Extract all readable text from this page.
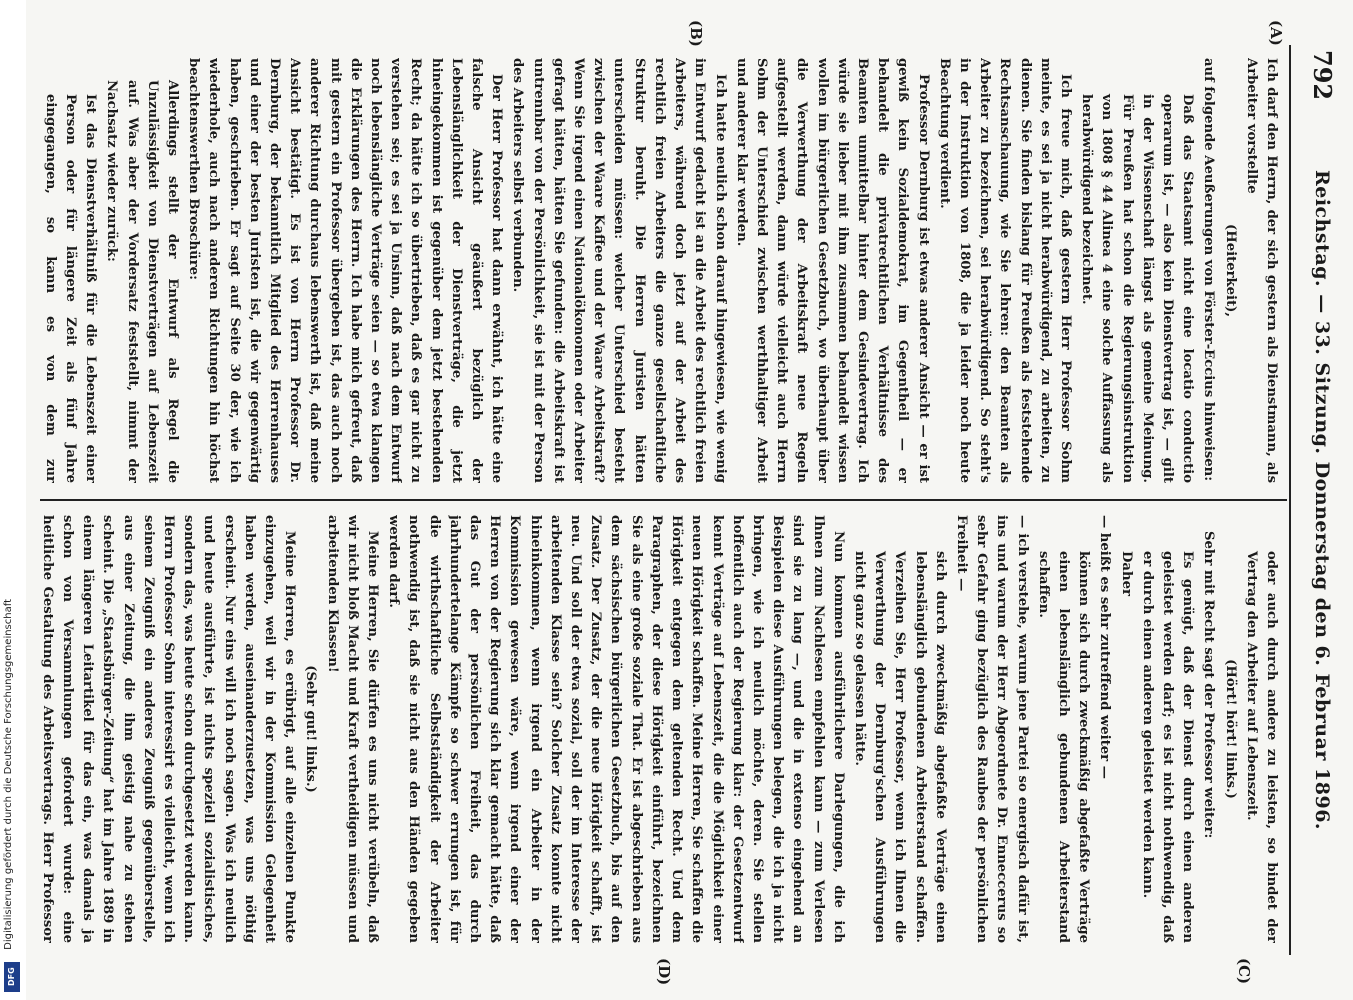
792
Reichstag. — 33. Sitzung. Donnerstag den 6. Februar 1896.
(A)
(B)
(C)
(D)

Ich darf den Herrn, der sich gestern als Dienstmann, als Arbeiter vorstellte

(Heiterkeit),

auf folgende Aeußerungen von Förster-Eccius hinweisen:

Daß das Staatsamt nicht eine locatio conductio operarum ist, — also kein Dienstvertrag ist, — gilt in der Wissenschaft längst als gemeine Meinung. Für Preußen hat schon die Regierungsinstruktion von 1808 § 44 Alinea 4 eine solche Auffassung als herabwürdigend bezeichnet.

Ich freue mich, daß gestern Herr Professor Sohm meinte, es sei ja nicht herabwürdigend, zu arbeiten, zu dienen. Sie finden bislang für Preußen als feststehende Rechtsanschauung, wie Sie lehren: den Beamten als Arbeiter zu bezeichnen, sei herabwürdigend. So steht's in der Instruktion von 1808, die ja leider noch heute Beachtung verdient.

Professor Dernburg ist etwas anderer Ansicht — er ist gewiß kein Sozialdemokrat, im Gegentheil — er behandelt die privatrechtlichen Verhältnisse des Beamten unmittelbar hinter dem Gesindevertrag. Ich würde sie lieber mit ihm zusammen behandelt wissen wollen im bürgerlichen Gesetzbuch, wo überhaupt über die Verwerthung der Arbeitskraft neue Regeln aufgestellt werden, dann würde vielleicht auch Herrn Sohm der Unterschied zwischen werthhaltiger Arbeit und anderer klar werden.

Ich hatte neulich schon darauf hingewiesen, wie wenig im Entwurf gedacht ist an die Arbeit des rechtlich freien Arbeiters, während doch jetzt auf der Arbeit des rechtlich freien Arbeiters die ganze gesellschaftliche Struktur beruht. Die Herren Juristen hätten unterscheiden müssen: welcher Unterschied besteht zwischen der Waare Kaffee und der Waare Arbeitskraft? Wenn Sie irgend einen Nationalökonomen oder Arbeiter gefragt hätten, hätten Sie gefunden: die Arbeitskraft ist untrennbar von der Persönlichkeit, sie ist mit der Person des Arbeiters selbst verbunden.

Der Herr Professor hat dann erwähnt, ich hätte eine falsche Ansicht geäußert bezüglich der Lebenslänglichkeit der Dienstverträge, die jetzt hineingekommen ist gegenüber dem jetzt bestehenden Recht; da hätte ich so übertrieben, daß es gar nicht zu verstehen sei; es sei ja Unsinn, daß nach dem Entwurf noch lebenslängliche Verträge seien — so etwa klangen die Erklärungen des Herrn. Ich habe mich gefreut, daß mit gestern ein Professor übergeben ist, das auch noch anderer Richtung durchaus lebenswerth ist, daß meine Ansicht bestätigt. Es ist von Herrn Professor Dr. Dernburg, der bekanntlich Mitglied des Herrenhauses und einer der besten Juristen ist, die wir gegenwärtig haben, geschrieben. Er sagt auf Seite 30 der, wie ich wiederhole, auch nach anderen Richtungen hin höchst beachtenswerthen Broschüre:

Allerdings stellt der Entwurf als Regel die Unzulässigkeit von Dienstverträgen auf Lebenszeit auf. Was aber der Vordersatz feststellt, nimmt der Nachsatz wieder zurück:

Ist das Dienstverhältniß für die Lebenszeit einer Person oder für längere Zeit als fünf Jahre eingegangen, so kann es von dem zur

oder auch durch andere zu leisten, so bindet der Vertrag den Arbeiter auf Lebenszeit.

(Hört! hört! links.)

Sehr mit Recht sagt der Professor weiter:

Es genügt, daß der Dienst durch einen anderen geleistet werden darf; es ist nicht nothwendig, daß er durch einen anderen geleistet werden kann.

Daher

— heißt es sehr zutreffend weiter —

können sich durch zweckmäßig abgefaßte Verträge einen lebenslänglich gebundenen Arbeiterstand schaffen.

— ich verstehe, warum jene Partei so energisch dafür ist, ins und warum der Herr Abgeordnete Dr. Enneccerus so sehr Gefahr ging bezüglich des Raubes der persönlichen Freiheit —

sich durch zweckmäßig abgefaßte Verträge einen lebenslänglich gebundenen Arbeiterstand schaffen. Verzeihen Sie, Herr Professor, wenn ich Ihnen die Verwerthung der Dernburg'schen Ausführungen nicht ganz so gelassen hätte.

Nun kommen ausführlichere Darlegungen, die ich Ihnen zum Nachlesen empfehlen kann — zum Verlesen sind sie zu lang —, und die in extenso eingehend an Beispielen diese Ausführungen belegen, die ich ja nicht bringen, wie ich neulich möchte, deren. Sie stellen hoffentlich auch der Regierung klar: der Gesetzentwurf kennt Verträge auf Lebenszeit, die die Möglichkeit einer neuen Hörigkeit schaffen. Meine Herren, Sie schaffen die Hörigkeit entgegen dem geltenden Recht. Und dem Paragraphen, der diese Hörigkeit einführt, bezeichnen Sie als eine große soziale That. Er ist abgeschrieben aus dem sächsischen bürgerlichen Gesetzbuch, bis auf den Zusatz. Der Zusatz, der die neue Hörigkeit schafft, ist neu. Und soll der etwa sozial, soll der im Interesse der arbeitenden Klasse sein? Solcher Zusatz konnte nicht hineinkommen, wenn irgend ein Arbeiter in der Kommission gewesen wäre, wenn irgend einer der Herren von der Regierung sich klar gemacht hätte, daß das Gut der persönlichen Freiheit, das durch jahrhundertelange Kämpfe so schwer errungen ist, für die wirthschaftliche Selbstständigkeit der Arbeiter nothwendig ist, daß sie nicht aus den Händen gegeben werden darf.

Meine Herren, Sie dürfen es uns nicht verübeln, daß wir nicht bloß Macht und Kraft vertheidigen müssen und arbeitenden Klassen!

(Sehr gut! links.)

Meine Herren, es erübrigt, auf alle einzelnen Punkte einzugehen, weil wir in der Kommission Gelegenheit haben werden, auseinanderzusetzen, was uns nöthig erscheint. Nur eins will ich noch sagen. Was ich neulich und heute ausführte, ist nichts speziell sozialistisches, sondern das, was heute schon durchgesetzt werden kann. Herrn Professor Sohm interessirt es vielleicht, wenn ich seinem Zeugniß ein anderes Zeugniß gegenüberstelle, aus einer Zeitung, die ihm geistig nahe zu stehen scheint. Die „Staatsbürger-Zeitung“ hat im Jahre 1889 in einem längeren Leitartikel für das ein, was damals ja schon von Versammlungen gefordert wurde: eine heitliche Gestaltung des Arbeitsvertrags. Herr Professor

Digitalisierung gefördert durch die Deutsche Forschungsgemeinschaft
DFG
